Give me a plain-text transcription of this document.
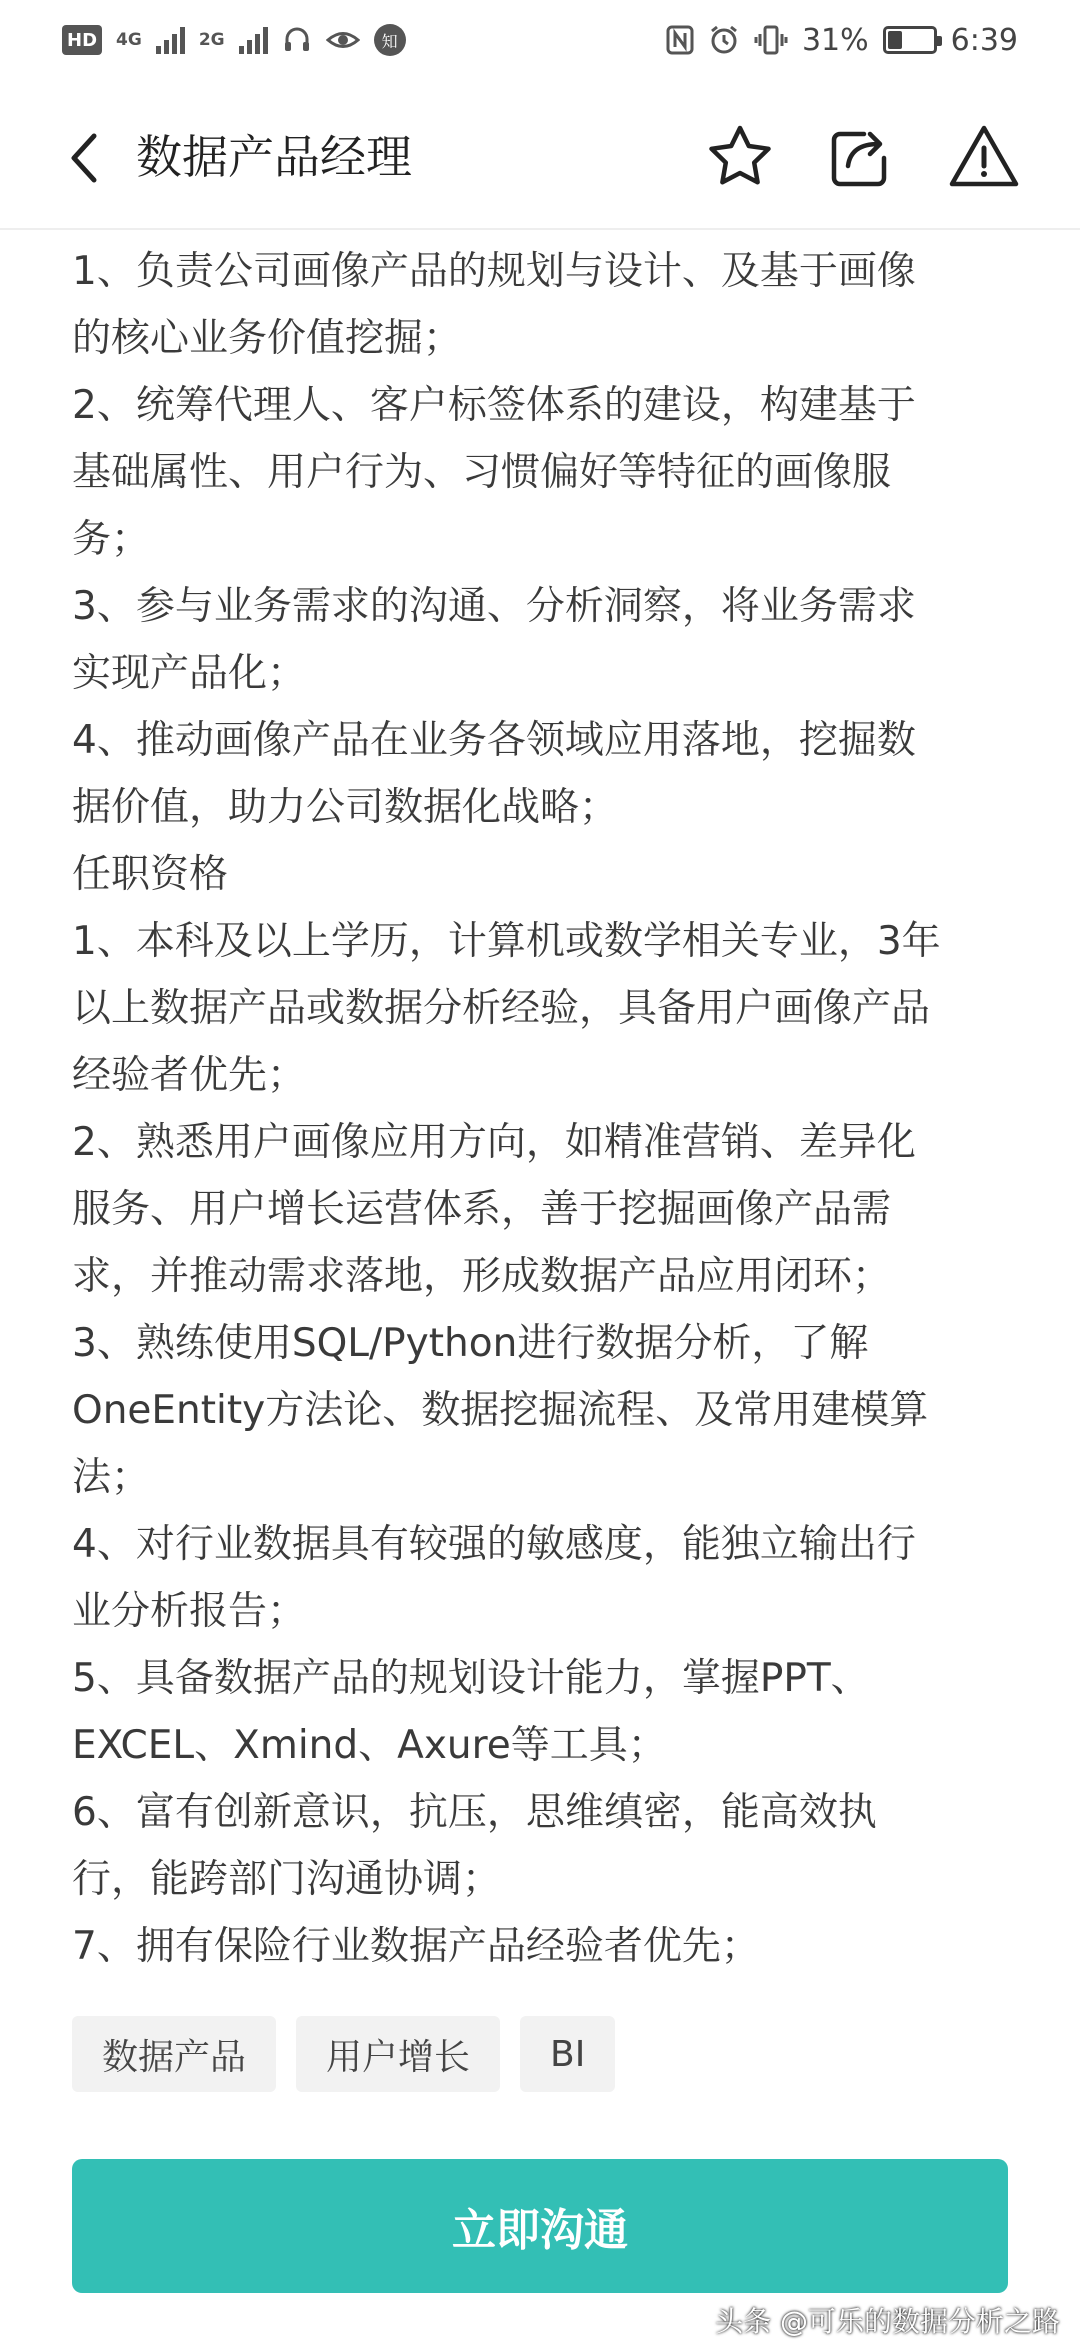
HD 4G	2G	知	31%	6:39
数据产品经理

1、负责公司画像产品的规划与设计、及基于画像

的核心业务价值挖掘；

2、统筹代理人、客户标签体系的建设，构建基于

基础属性、用户行为、习惯偏好等特征的画像服

务；

3、参与业务需求的沟通、分析洞察，将业务需求

实现产品化；

4、推动画像产品在业务各领域应用落地，挖掘数

据价值，助力公司数据化战略；

任职资格

1、本科及以上学历，计算机或数学相关专业，3年

以上数据产品或数据分析经验，具备用户画像产品

经验者优先；

2、熟悉用户画像应用方向，如精准营销、差异化

服务、用户增长运营体系，善于挖掘画像产品需

求，并推动需求落地，形成数据产品应用闭环；

3、熟练使用SQL/Python进行数据分析，了解

OneEntity方法论、数据挖掘流程、及常用建模算

法；

4、对行业数据具有较强的敏感度，能独立输出行

业分析报告；

5、具备数据产品的规划设计能力，掌握PPT、

EXCEL、Xmind、Axure等工具；

6、富有创新意识，抗压，思维缜密，能高效执

行，能跨部门沟通协调；

7、拥有保险行业数据产品经验者优先；

数据产品	用户增长	BI
立即沟通
头条 @可乐的数据分析之路
